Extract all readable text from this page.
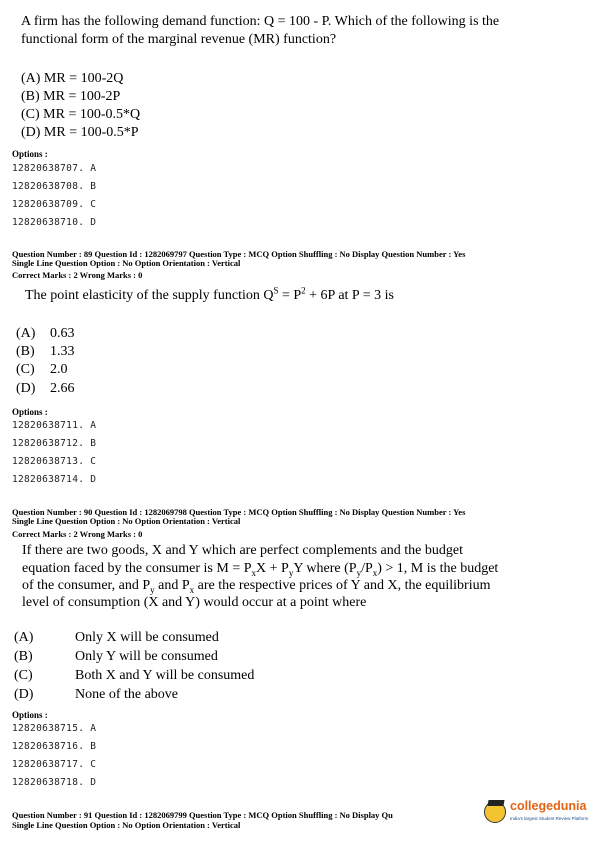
A firm has the following demand function: Q = 100 - P. Which of the following is the
functional form of the marginal revenue (MR) function?
(A) MR = 100-2Q
(B) MR = 100-2P
(C) MR = 100-0.5*Q
(D) MR = 100-0.5*P
Options :
12820638707. A
12820638708. B
12820638709. C
12820638710. D
Question Number : 89 Question Id : 1282069797 Question Type : MCQ Option Shuffling : No Display Question Number : Yes
Single Line Question Option : No Option Orientation : Vertical
Correct Marks : 2 Wrong Marks : 0
The point elasticity of the supply function $Q^S = P^2 + 6P$ at P = 3 is
(A) 0.63
(B) 1.33
(C) 2.0
(D) 2.66
Options :
12820638711. A
12820638712. B
12820638713. C
12820638714. D
Question Number : 90 Question Id : 1282069798 Question Type : MCQ Option Shuffling : No Display Question Number : Yes
Single Line Question Option : No Option Orientation : Vertical
Correct Marks : 2 Wrong Marks : 0
If there are two goods, X and Y which are perfect complements and the budget
equation faced by the consumer is $M = P_xX + P_yY$ where $(P_y/P_x) > 1$, M is the budget
of the consumer, and $P_y$ and $P_x$ are the respective prices of Y and X, the equilibrium
level of consumption (X and Y) would occur at a point where
(A)	Only X will be consumed
(B)	Only Y will be consumed
(C)	Both X and Y will be consumed
(D)	None of the above
Options :
12820638715. A
12820638716. B
12820638717. C
12820638718. D
Question Number : 91 Question Id : 1282069799 Question Type : MCQ Option Shuffling : No Display Qu
Single Line Question Option : No Option Orientation : Vertical
collegedunia
India's largest Student Review Platform
